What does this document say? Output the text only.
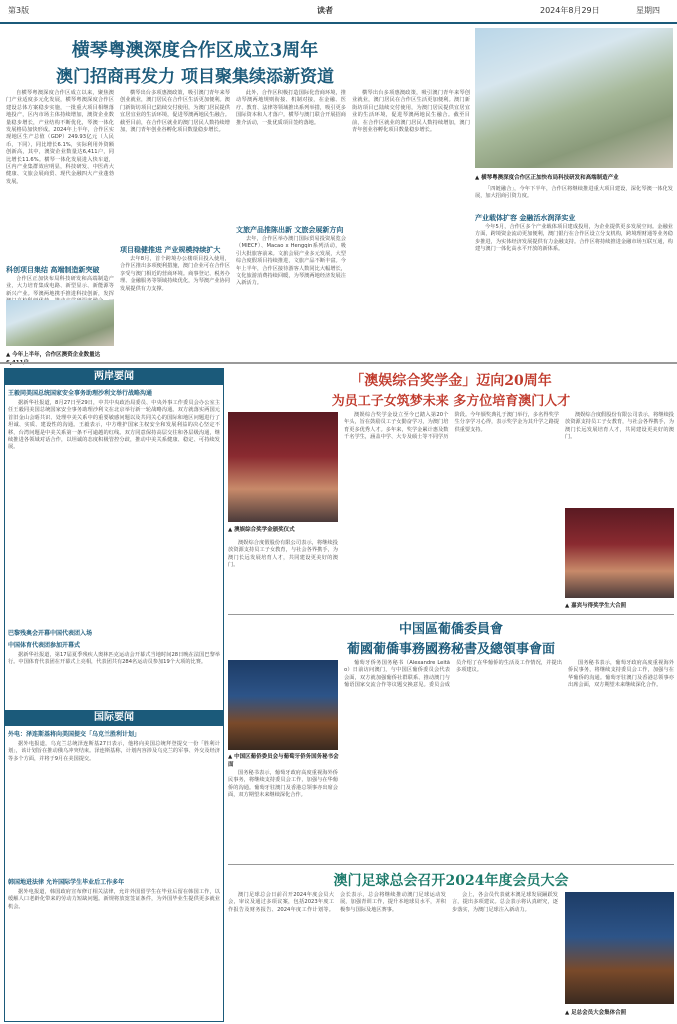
第3版	读者	2024年8月29日	星期四
横琴粤澳深度合作区成立3周年
澳门招商再发力 项目聚集续添新资道
▲ 横琴粤澳深度合作区正加快布局科技研发和高端制造产业

自横琴粤澳深度合作区成立以来，聚焦澳门产业适度多元化发展，横琴粤澳深度合作区建设总体方案稳步实施，一批重大项目相继落地投产，区内市场主体持续增加，澳资企业数量稳步增长，产业结构不断优化，琴澳一体化发展格局加快形成。2024年上半年，合作区实现地区生产总值（GDP）249.93亿元（人民币，下同），同比增长6.1%，实际利用外资额创新高，其中，澳资企业数量达6,411户，同比增长11.6%。横琴一体化发展进入快车道，区内产业集群效应明显，科技研发、中医药大健康、文旅会展商贸、现代金融四大产业蓬勃发展。

科创项目集结 高端制造新突破

合作区正加快布局科技研发和高端制造产业，大力培育集成电路、新型显示、新能源等新兴产业。琴澳两地携手推进科技创新，发挥

▲ 今年上半年，合作区澳资企业数量达

横琴出台多项惠澳政策，吸引澳门青年来琴创业就业，澳门居民在合作区生活更加便利。澳门新街坊项目已陆续交付使用，为澳门居民提供宜居宜业的生活环境，促进琴澳两地民生融合。截至目前，在合作区就业的澳门居民人数持续增加，澳门青年创业谷孵化项目数量稳步增长。

项目稳健推进 产业规模持续扩大

去年8月，首个跨境办公楼项目投入使用，合作区推出多项便利措施，澳门企业可在合作区享受与澳门相近的营商环境。商事登记、税务办理、金融服务等领域持续优化，为琴澳产业协同发展提供有力支撑。

此外，合作区积极打造国际化营商环境，推动琴澳两地规则衔接、机制对接，在金融、医疗、教育、法律等领域推出系列举措，吸引更多国际资本和人才落户。横琴与澳门联合开展招商推介活动，一批优质项目签约落地。

文旅产品推陈出新 文旅会展新方向

去年，合作区举办澳门国际贸易投资展览会（MIECF）、Macao x Hengqin系列活动，吸引大批旅客前来。文旅会展产业多元发展，大型综合度假项目持续推进，文旅产品不断丰富。今年上半年，合作区接待游客人数同比大幅增长，文化旅游消费持续回暖，为琴澳两地经济发展注入新活力。

横琴出台多项惠澳政策，吸引澳门青年来琴创业就业，澳门居民在合作区生活更加便利。澳门新街坊项目已陆续交付使用，为澳门居民提供宜居宜业的生活环境，促进琴澳两地民生融合。截至目前，在合作区就业的澳门居民人数持续增加，澳门青年创业谷孵化项目数量稳步增长。

「四链融合」，今年下半年，合作区将继续推进重大项目建设，深化琴澳一体化发展，加大招商引资力度。

产业载体扩容 金融活水润泽实业

今年5月，合作区多个产业载体项目建成投用，为企业提供更多发展空间。金融业方面，跨境资金流动更加便利，澳门银行在合作区设立分支机构，跨境理财通等业务稳步推进，为实体经济发展提供有力金融支持。合作区将持续推进金融市场互联互通，构建与澳门一体化高水平开放的新体系。

两岸要闻
王毅同美国总统国家安全事务助理沙利文举行战略沟通

据新华社报道，8月27日至29日，中共中央政治局委员、中央外事工作委员会办公室主任王毅同美国总统国家安全事务助理沙利文在北京举行新一轮战略沟通。双方就落实两国元首旧金山会晤共识、处理中美关系中的重要敏感问题以及共同关心的国际和地区问题进行了坦诚、实质、建设性的沟通。王毅表示，中方维护国家主权安全和发展利益的决心坚定不移，台湾问题是中美关系第一条不可逾越的红线。双方同意保持高层交往和各层级沟通，继续推进各领域对话合作，以坦诚的态度积极管控分歧，推动中美关系健康、稳定、可持续发展。

巴黎残奥会开幕中国代表团入场
中国体育代表团参加开幕式

据新华社报道，第17届夏季残疾人奥林匹克运动会开幕式当地时间28日晚在法国巴黎举行。中国体育代表团在开幕式上亮相，代表团共有284名运动员参加19个大项的比赛。

国际要闻
外电：泽连斯基将向美国提交「乌克兰胜利计划」

据外电报道，乌克兰总统泽连斯基27日表示，他将向美国总统拜登提交一份「胜利计划」，该计划旨在推动俄乌冲突结束。泽连斯基称，计划内容涉及乌克兰的军事、外交及经济等多个方面，并将于9月在美国提交。

韩国地进法律 允许国际学生毕业后工作多年

据外电报道，韩国政府宣布修订相关法律，允许外国留学生在毕业后留在韩国工作，以缓解人口老龄化带来的劳动力短缺问题。新规将放宽签证条件，为外国毕业生提供更多就业机会。

「澳娱综合奖学金」迈向20周年
为员工子女筑梦未来 多方位培育澳门人才
▲ 澳娱综合奖学金颁奖仪式

澳娱综合奖学金设立至今已踏入第20个年头，旨在鼓励员工子女勤奋学习，为澳门培育更多优秀人才。多年来，奖学金累计惠及数千名学生，涵盖中学、大专及硕士等不同学历阶段。今年颁奖典礼于澳门举行，多名得奖学生分享学习心得，表示奖学金为其升学之路提供重要支持。

澳娱综合度假股份有限公司表示，将继续投放资源支持员工子女教育，与社会各界携手，为澳门长远发展培育人才，共同建设更美好的澳门。

澳娱综合度假股份有限公司表示，将继续投放资源支持员工子女教育，与社会各界携手，为澳门长远发展培育人才，共同建设更美好的澳门。

▲ 嘉宾与得奖学生大合照
中国區葡僑委員會
葡國葡僑事務國務秘書及總領事會面
▲ 中国区葡侨委员会与葡萄牙侨务国务秘书会面

国务秘书表示，葡萄牙政府高度重视海外侨民事务，将继续支持委员会工作，加强与在华葡侨的沟通。葡萄牙驻澳门及香港总领事亦出席会面，双方期望未来继续深化合作。

葡萄牙侨务国务秘书（Alexandre Leitão）日前访问澳门，与中国区葡侨委员会代表会面，双方就加强葡侨社群联系、推动澳门与葡语国家交流合作等议题交换意见。委员会成员介绍了在华葡侨的生活及工作情况，并提出多项建议。

国务秘书表示，葡萄牙政府高度重视海外侨民事务，将继续支持委员会工作，加强与在华葡侨的沟通。葡萄牙驻澳门及香港总领事亦出席会面，双方期望未来继续深化合作。

澳门足球总会召开2024年度会员大会

澳门足球总会日前召开2024年度会员大会，审议及通过多项议案，包括2023年度工作报告及财务报告、2024年度工作计划等。会长表示，总会将继续推动澳门足球运动发展，加强青训工作，提升本地球员水平，并积极参与国际及地区赛事。

会上，各会员代表就本澳足球发展踊跃发言，提出多项建议。总会表示将认真研究，逐步落实，为澳门足球注入新动力。

▲ 足总会员大会集体合照
